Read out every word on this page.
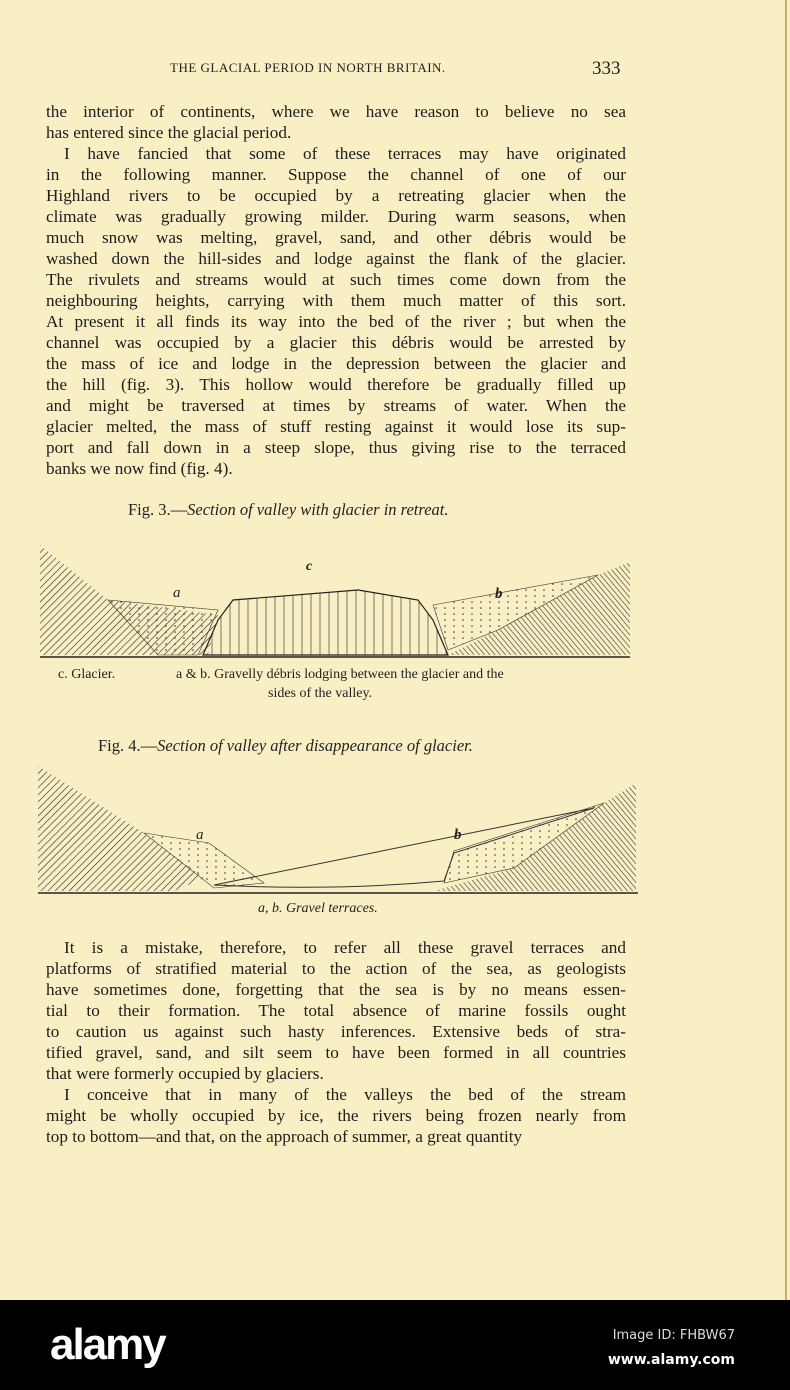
THE GLACIAL PERIOD IN NORTH BRITAIN.	333
the interior of continents, where we have reason to believe no sea
has entered since the glacial period.
I have fancied that some of these terraces may have originated
in the following manner. Suppose the channel of one of our
Highland rivers to be occupied by a retreating glacier when the
climate was gradually growing milder. During warm seasons, when
much snow was melting, gravel, sand, and other débris would be
washed down the hill-sides and lodge against the flank of the glacier.
The rivulets and streams would at such times come down from the
neighbouring heights, carrying with them much matter of this sort.
At present it all finds its way into the bed of the river ; but when the
channel was occupied by a glacier this débris would be arrested by
the mass of ice and lodge in the depression between the glacier and
the hill (fig. 3). This hollow would therefore be gradually filled up
and might be traversed at times by streams of water. When the
glacier melted, the mass of stuff resting against it would lose its sup-
port and fall down in a steep slope, thus giving rise to the terraced
banks we now find (fig. 4).
Fig. 3.—Section of valley with glacier in retreat.
a
c
b
c. Glacier.	a & b. Gravelly débris lodging between the glacier and the
sides of the valley.
Fig. 4.—Section of valley after disappearance of glacier.
a	b
a, b. Gravel terraces.
It is a mistake, therefore, to refer all these gravel terraces and
platforms of stratified material to the action of the sea, as geologists
have sometimes done, forgetting that the sea is by no means essen-
tial to their formation. The total absence of marine fossils ought
to caution us against such hasty inferences. Extensive beds of stra-
tified gravel, sand, and silt seem to have been formed in all countries
that were formerly occupied by glaciers.
I conceive that in many of the valleys the bed of the stream
might be wholly occupied by ice, the rivers being frozen nearly from
top to bottom—and that, on the approach of summer, a great quantity
alamy	Image ID: FHBW67
www.alamy.com
